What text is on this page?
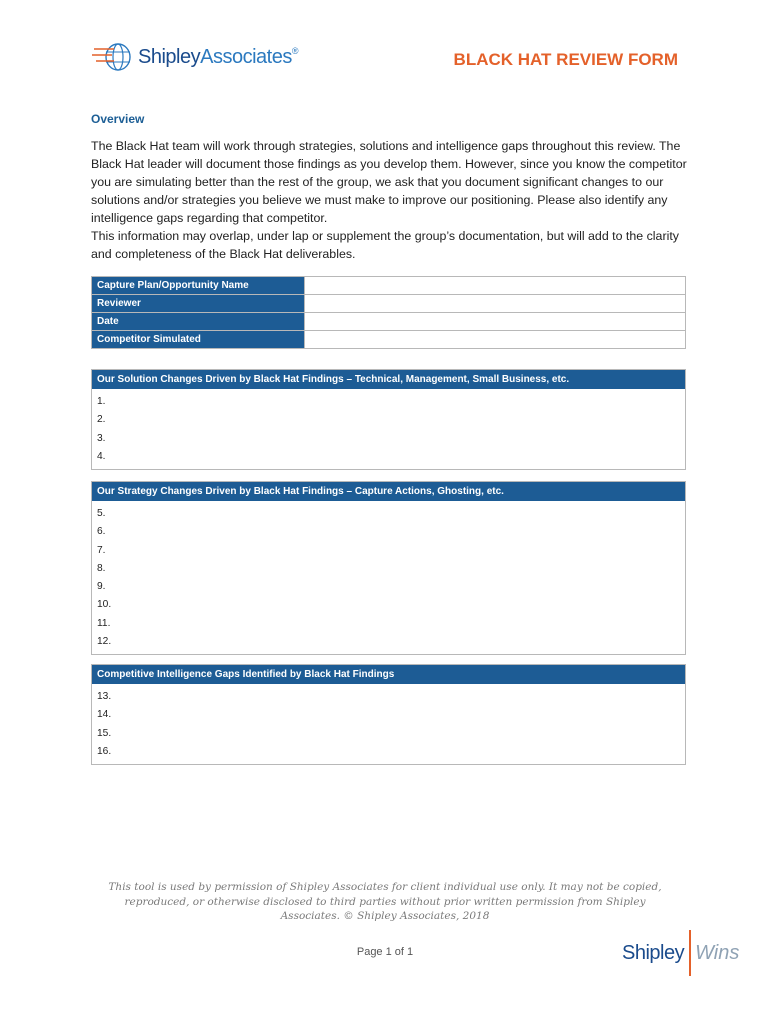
ShipleyAssociates®	BLACK HAT REVIEW FORM
Overview

The Black Hat team will work through strategies, solutions and intelligence gaps throughout this review. The Black Hat leader will document those findings as you develop them. However, since you know the competitor you are simulating better than the rest of the group, we ask that you document significant changes to our solutions and/or strategies you believe we must make to improve our positioning. Please also identify any intelligence gaps regarding that competitor.

This information may overlap, under lap or supplement the group’s documentation, but will add to the clarity and completeness of the Black Hat deliverables.

Capture Plan/Opportunity Name	
Reviewer	
Date	
Competitor Simulated	
Our Solution Changes Driven by Black Hat Findings – Technical, Management, Small Business, etc.
1.
2.
3.
4.
Our Strategy Changes Driven by Black Hat Findings – Capture Actions, Ghosting, etc.
5.
6.
7.
8.
9.
10.
11.
12.
Competitive Intelligence Gaps Identified by Black Hat Findings
13.
14.
15.
16.
This tool is used by permission of Shipley Associates for client individual use only. It may not be copied, reproduced, or otherwise disclosed to third parties without prior written permission from Shipley Associates. © Shipley Associates, 2018
Page 1 of 1	Shipley Wins
